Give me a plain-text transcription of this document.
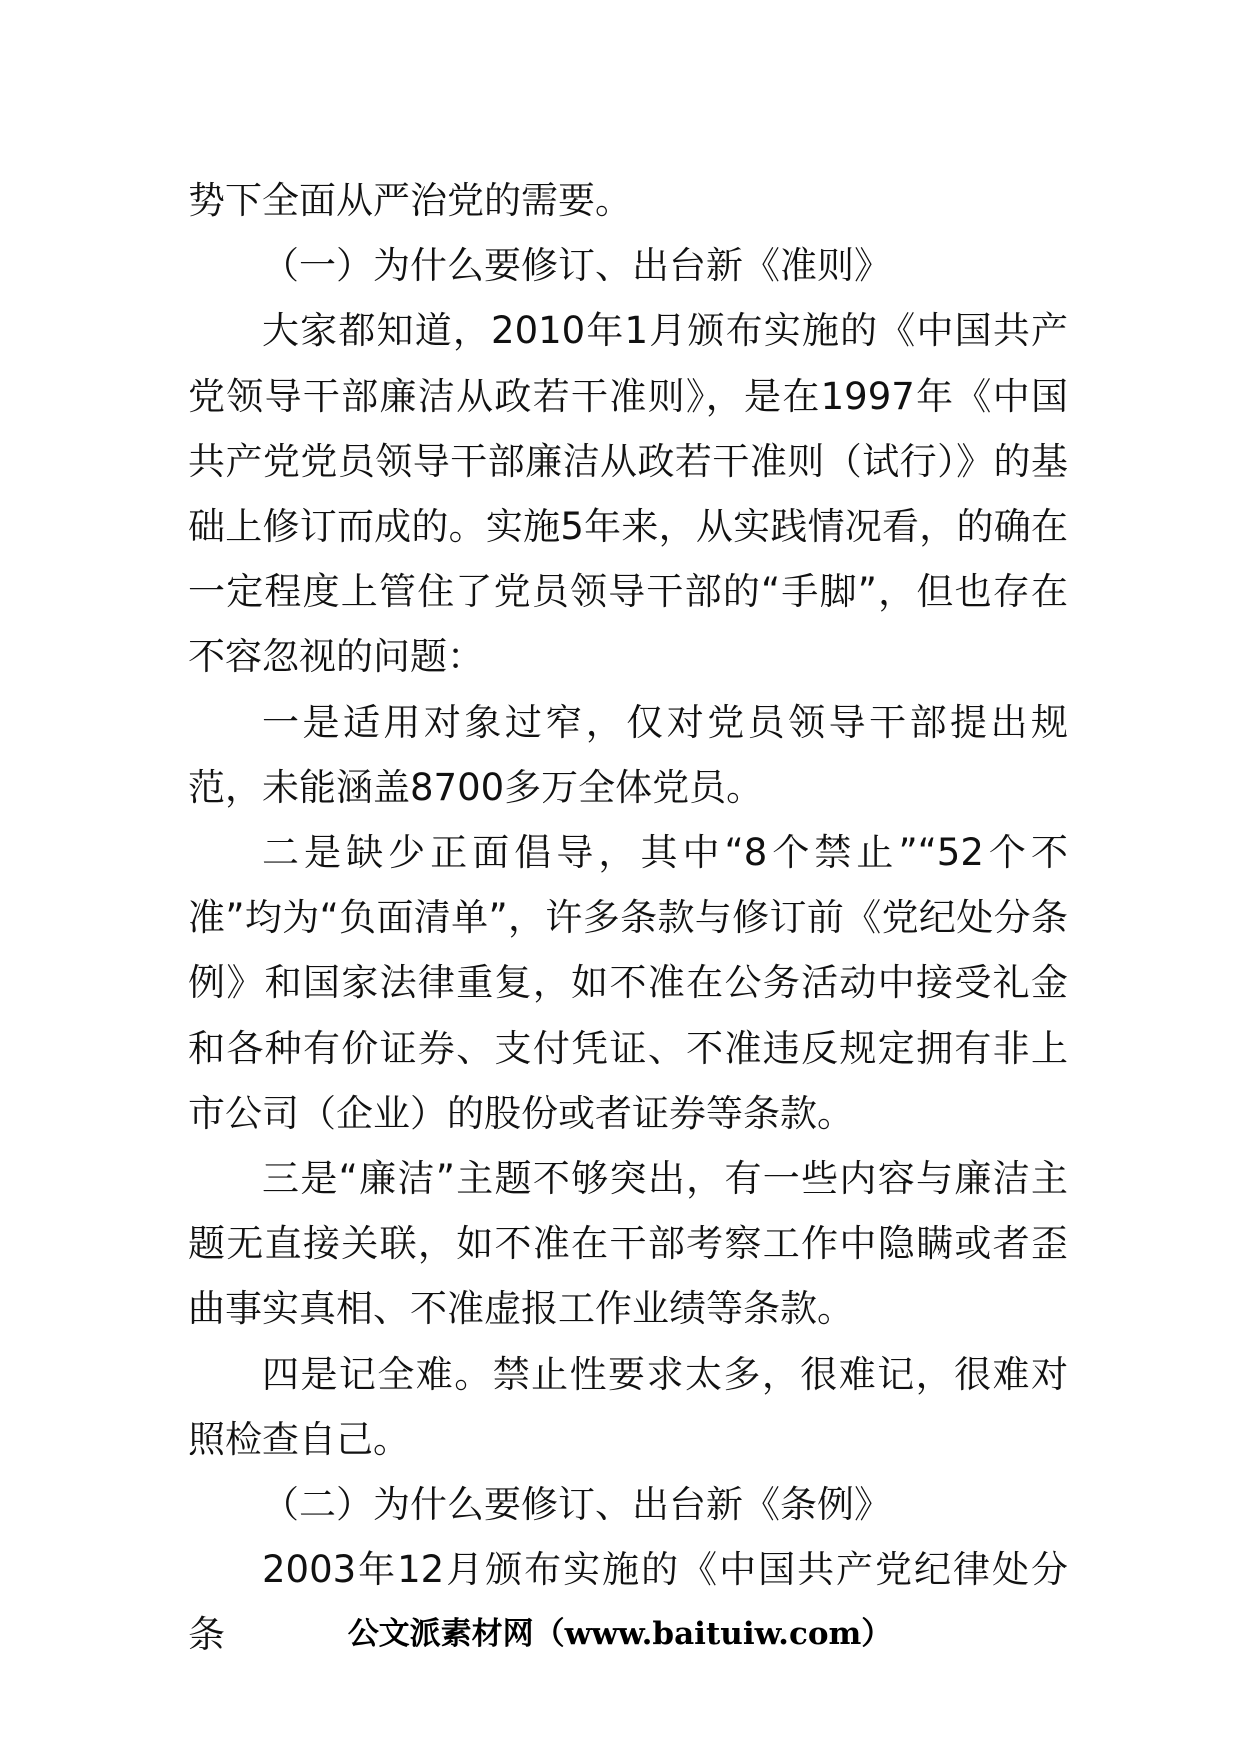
势下全面从严治党的需要。

（一）为什么要修订、出台新《准则》

大家都知道，2010年1月颁布实施的《中国共产党领导干部廉洁从政若干准则》，是在1997年《中国共产党党员领导干部廉洁从政若干准则（试行）》的基础上修订而成的。实施5年来，从实践情况看，的确在一定程度上管住了党员领导干部的“手脚”，但也存在不容忽视的问题：

一是适用对象过窄，仅对党员领导干部提出规范，未能涵盖8700多万全体党员。

二是缺少正面倡导，其中“8个禁止”“52个不准”均为“负面清单”，许多条款与修订前《党纪处分条例》和国家法律重复，如不准在公务活动中接受礼金和各种有价证券、支付凭证、不准违反规定拥有非上市公司（企业）的股份或者证券等条款。

三是“廉洁”主题不够突出，有一些内容与廉洁主题无直接关联，如不准在干部考察工作中隐瞒或者歪曲事实真相、不准虚报工作业绩等条款。

四是记全难。禁止性要求太多，很难记，很难对照检查自己。

（二）为什么要修订、出台新《条例》

2003年12月颁布实施的《中国共产党纪律处分条	公文派素材网（www.baituiw.com）
